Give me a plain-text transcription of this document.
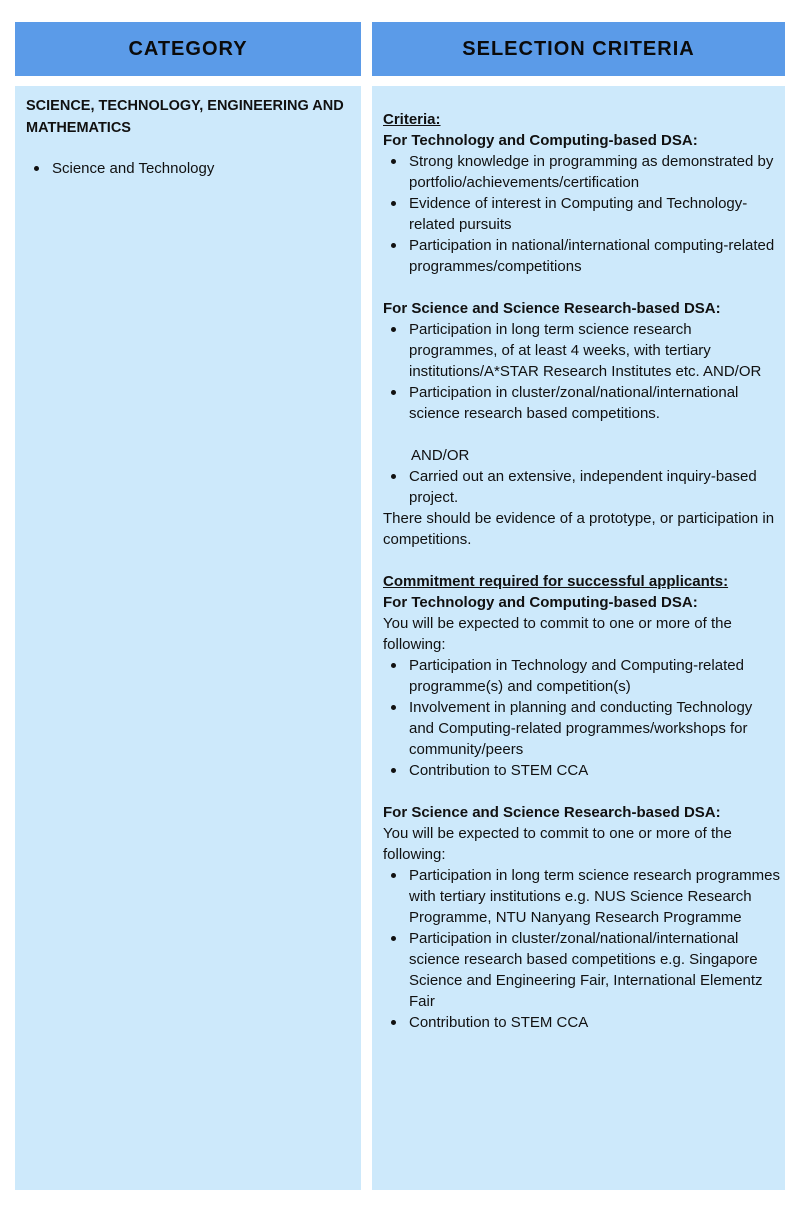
CATEGORY	SELECTION CRITERIA
SCIENCE, TECHNOLOGY, ENGINEERING AND MATHEMATICS
Science and Technology
Criteria:
For Technology and Computing-based DSA:
Strong knowledge in programming as demonstrated by portfolio/achievements/certification
Evidence of interest in Computing and Technology-related pursuits
Participation in national/international computing-related programmes/competitions
For Science and Science Research-based DSA:
Participation in long term science research programmes, of at least 4 weeks, with tertiary institutions/A*STAR Research Institutes etc. AND/OR
Participation in cluster/zonal/national/international science research based competitions.
AND/OR
Carried out an extensive, independent inquiry-based project.
There should be evidence of a prototype, or participation in competitions.
Commitment required for successful applicants:
For Technology and Computing-based DSA:
You will be expected to commit to one or more of the following:
Participation in Technology and Computing-related programme(s) and competition(s)
Involvement in planning and conducting Technology and Computing-related programmes/workshops for community/peers
Contribution to STEM CCA
For Science and Science Research-based DSA:
You will be expected to commit to one or more of the following:
Participation in long term science research programmes with tertiary institutions e.g. NUS Science Research Programme, NTU Nanyang Research Programme
Participation in cluster/zonal/national/international science research based competitions e.g. Singapore Science and Engineering Fair, International Elementz Fair
Contribution to STEM CCA
